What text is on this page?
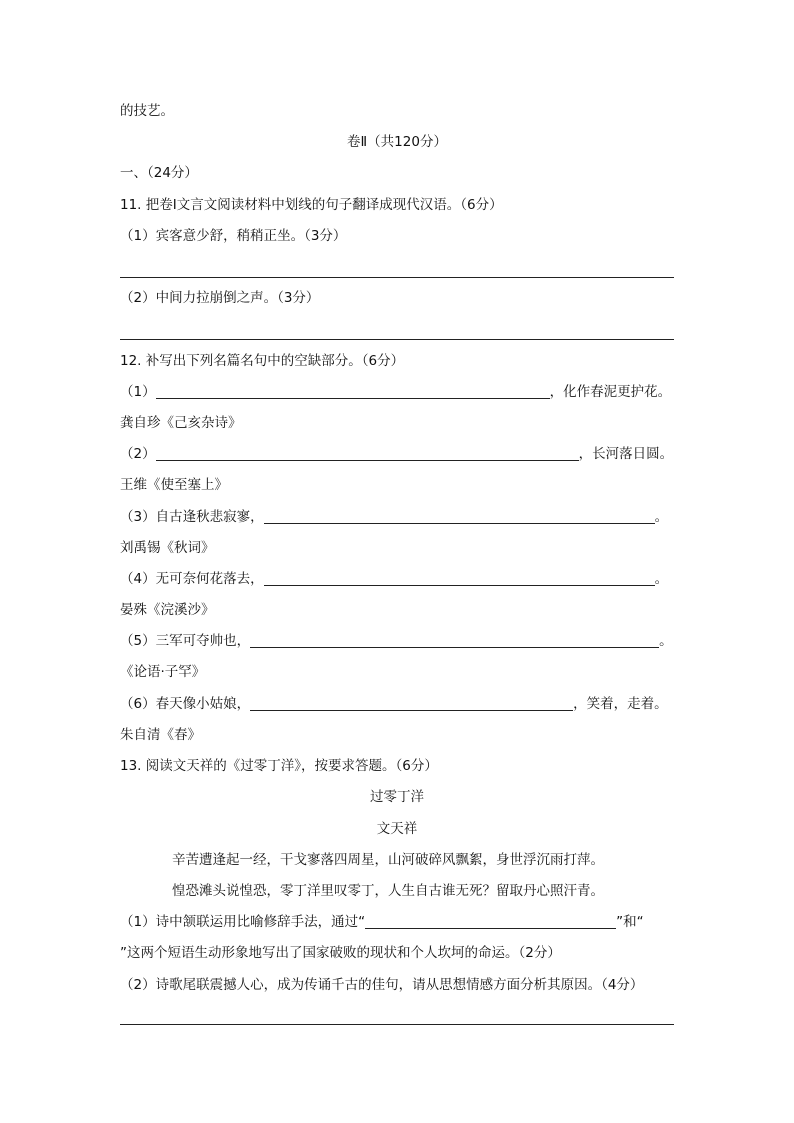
的技艺。
卷Ⅱ（共120分）
一、（24分）
11. 把卷Ⅰ文言文阅读材料中划线的句子翻译成现代汉语。（6分）
（1）宾客意少舒，稍稍正坐。（3分）
（2）中间力拉崩倒之声。（3分）
12. 补写出下列名篇名句中的空缺部分。（6分）
（1）	，化作春泥更护花。
龚自珍《己亥杂诗》
（2）	，长河落日圆。
王维《使至塞上》
（3）自古逢秋悲寂寥，	。
刘禹锡《秋词》
（4）无可奈何花落去，	。
晏殊《浣溪沙》
（5）三军可夺帅也，	。
《论语·子罕》
（6）春天像小姑娘，	，笑着，走着。
朱自清《春》
13. 阅读文天祥的《过零丁洋》，按要求答题。（6分）
过零丁洋
文天祥
辛苦遭逢起一经，干戈寥落四周星，山河破碎风飘絮，身世浮沉雨打萍。
惶恐滩头说惶恐，零丁洋里叹零丁，人生自古谁无死？留取丹心照汗青。
（1）诗中颔联运用比喻修辞手法，通过“	”和“
”这两个短语生动形象地写出了国家破败的现状和个人坎坷的命运。（2分）
（2）诗歌尾联震撼人心，成为传诵千古的佳句，请从思想情感方面分析其原因。（4分）
